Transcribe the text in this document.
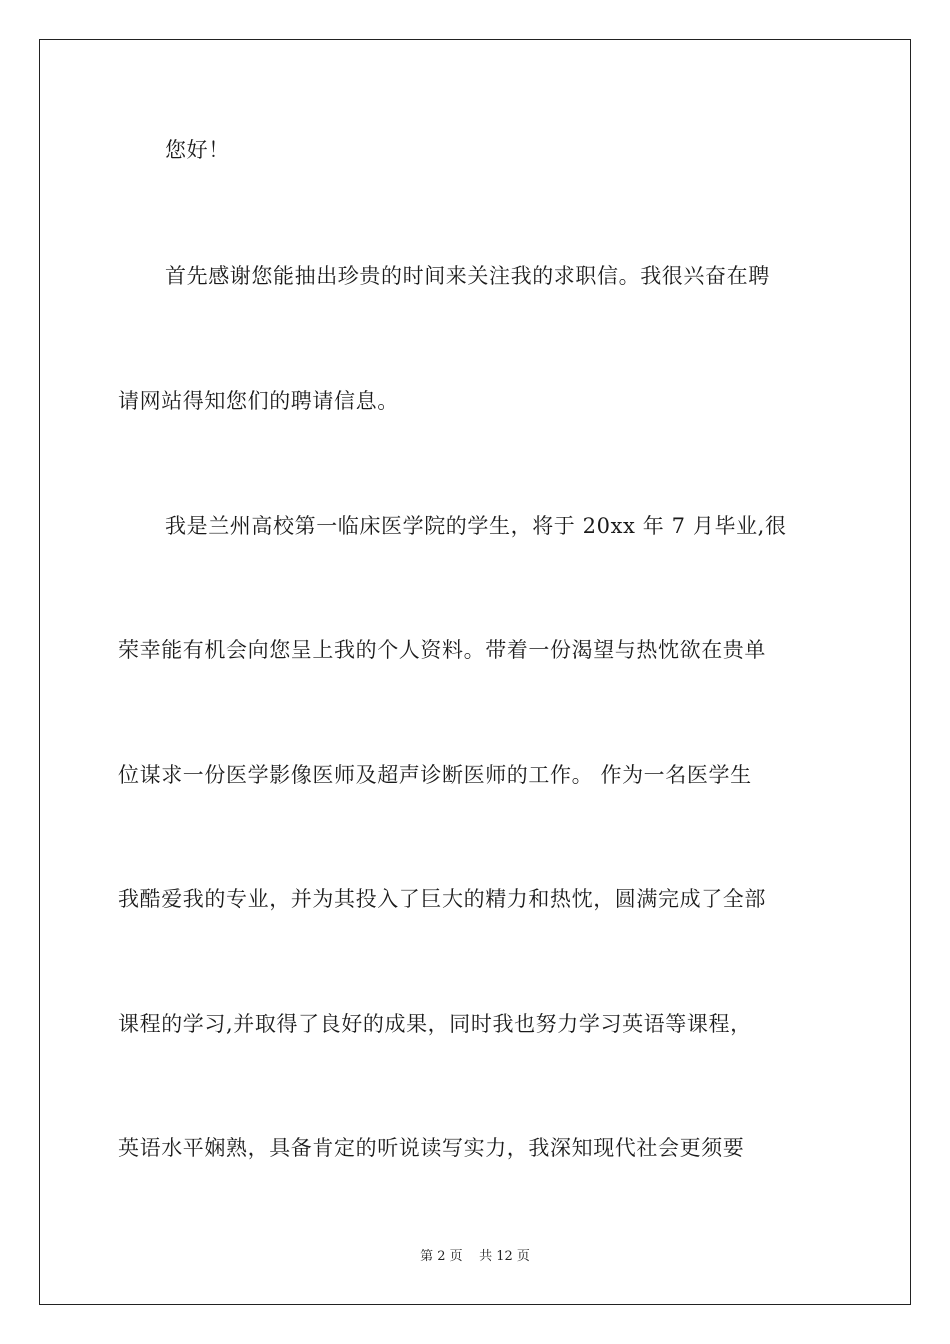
您好！
首先感谢您能抽出珍贵的时间来关注我的求职信。我很兴奋在聘
请网站得知您们的聘请信息。
我是兰州高校第一临床医学院的学生，将于 20xx 年 7 月毕业,很
荣幸能有机会向您呈上我的个人资料。带着一份渴望与热忱欲在贵单
位谋求一份医学影像医师及超声诊断医师的工作。 作为一名医学生
我酷爱我的专业，并为其投入了巨大的精力和热忱，圆满完成了全部
课程的学习,并取得了良好的成果，同时我也努力学习英语等课程，
英语水平娴熟，具备肯定的听说读写实力，我深知现代社会更须要
第 2 页    共 12 页
